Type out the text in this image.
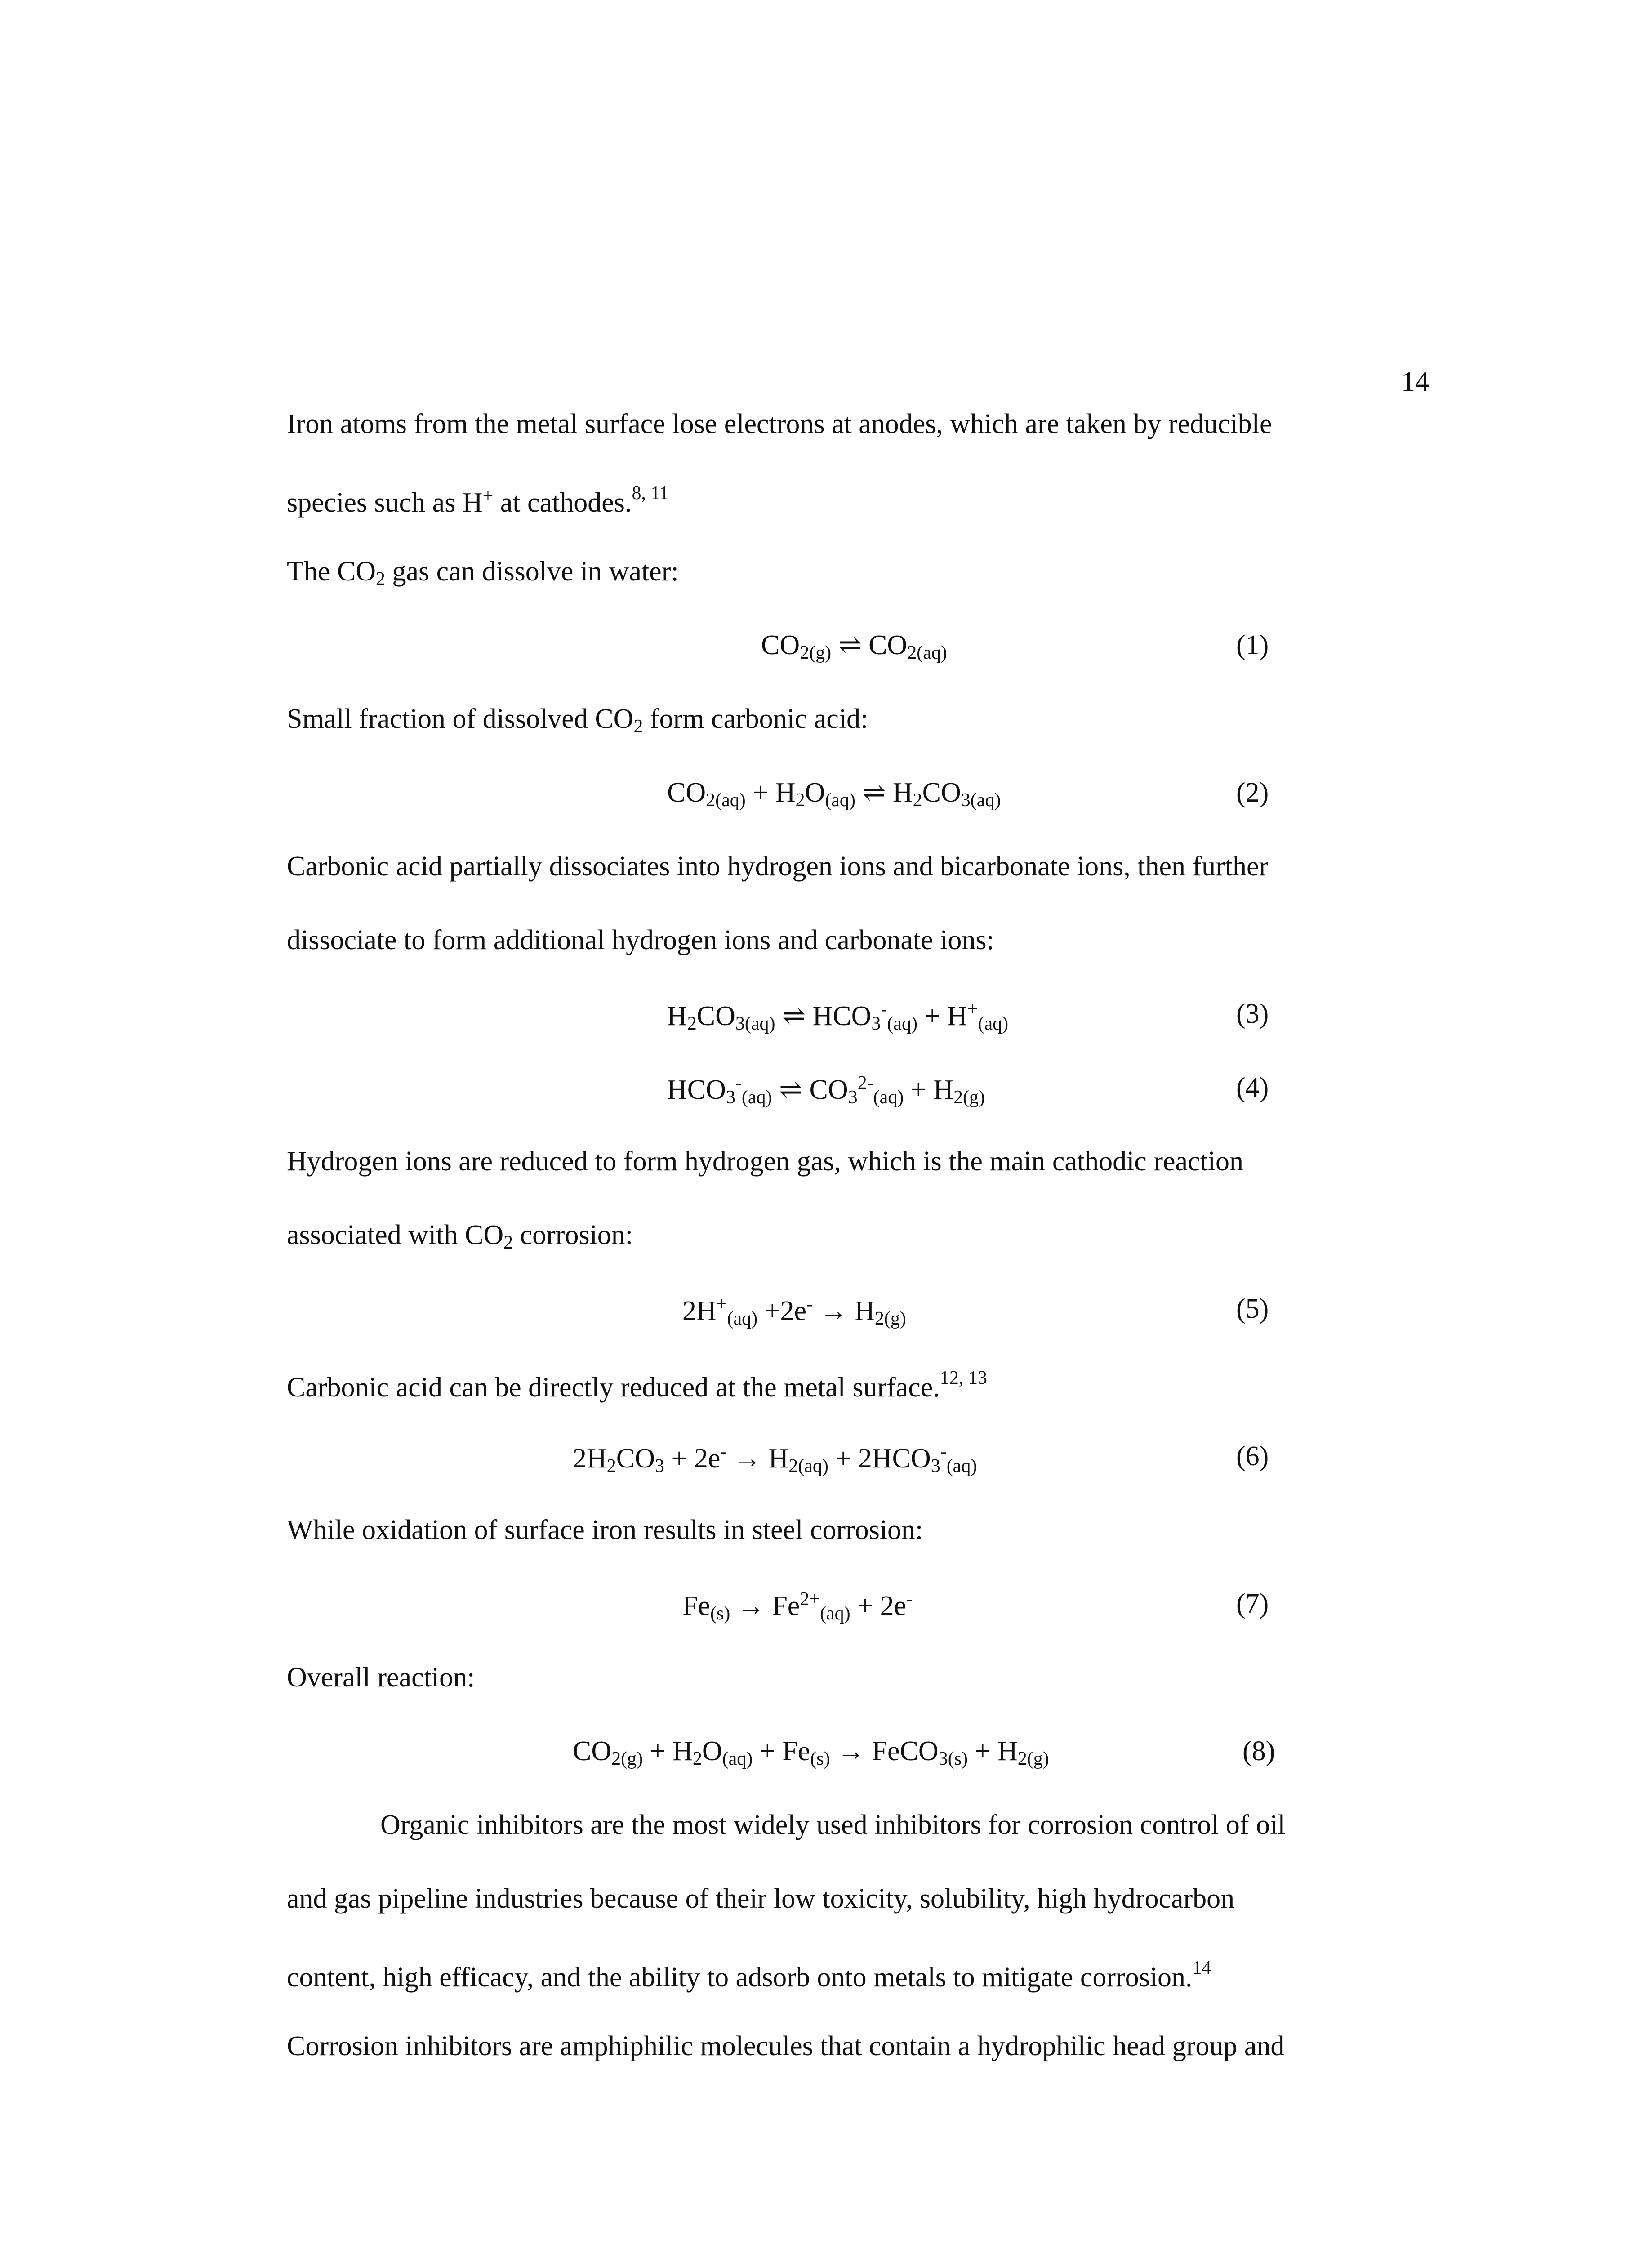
14
Iron atoms from the metal surface lose electrons at anodes, which are taken by reducible
species such as H+ at cathodes.$^{8, 11}$
The $CO_2$ gas can dissolve in water:
$CO_{2(g)}$ ⇌ $CO_{2(aq)}$	(1)
Small fraction of dissolved $CO_2$ form carbonic acid:
$CO_{2(aq)} + H_2O_{(aq)}$ ⇌ $H_2CO_{3(aq)}$	(2)
Carbonic acid partially dissociates into hydrogen ions and bicarbonate ions, then further
dissociate to form additional hydrogen ions and carbonate ions:
$H_2CO_{3(aq)}$ ⇌ $HCO_3^-_{(aq)} + H^+_{(aq)}$	(3)
$HCO_3^-_{(aq)}$ ⇌ $CO_3^{2-}_{(aq)} + H_{2(g)}$	(4)
Hydrogen ions are reduced to form hydrogen gas, which is the main cathodic reaction
associated with $CO_2$ corrosion:
$2H^+_{(aq)} +2e^- \to H_{2(g)}$	(5)
Carbonic acid can be directly reduced at the metal surface.$^{12, 13}$
$2H_2CO_3 + 2e^- \to H_{2(aq)} + 2HCO_3^-_{(aq)}$	(6)
While oxidation of surface iron results in steel corrosion:
$Fe_{(s)} \to Fe^{2+}_{(aq)} + 2e^-$	(7)
Overall reaction:
$CO_{2(g)} + H_2O_{(aq)} + Fe_{(s)}$ → FeCO$_{3(s)}$ + $H_{2(g)}$	(8)
Organic inhibitors are the most widely used inhibitors for corrosion control of oil
and gas pipeline industries because of their low toxicity, solubility, high hydrocarbon
content, high efficacy, and the ability to adsorb onto metals to mitigate corrosion.$^{14}$
Corrosion inhibitors are amphiphilic molecules that contain a hydrophilic head group and
